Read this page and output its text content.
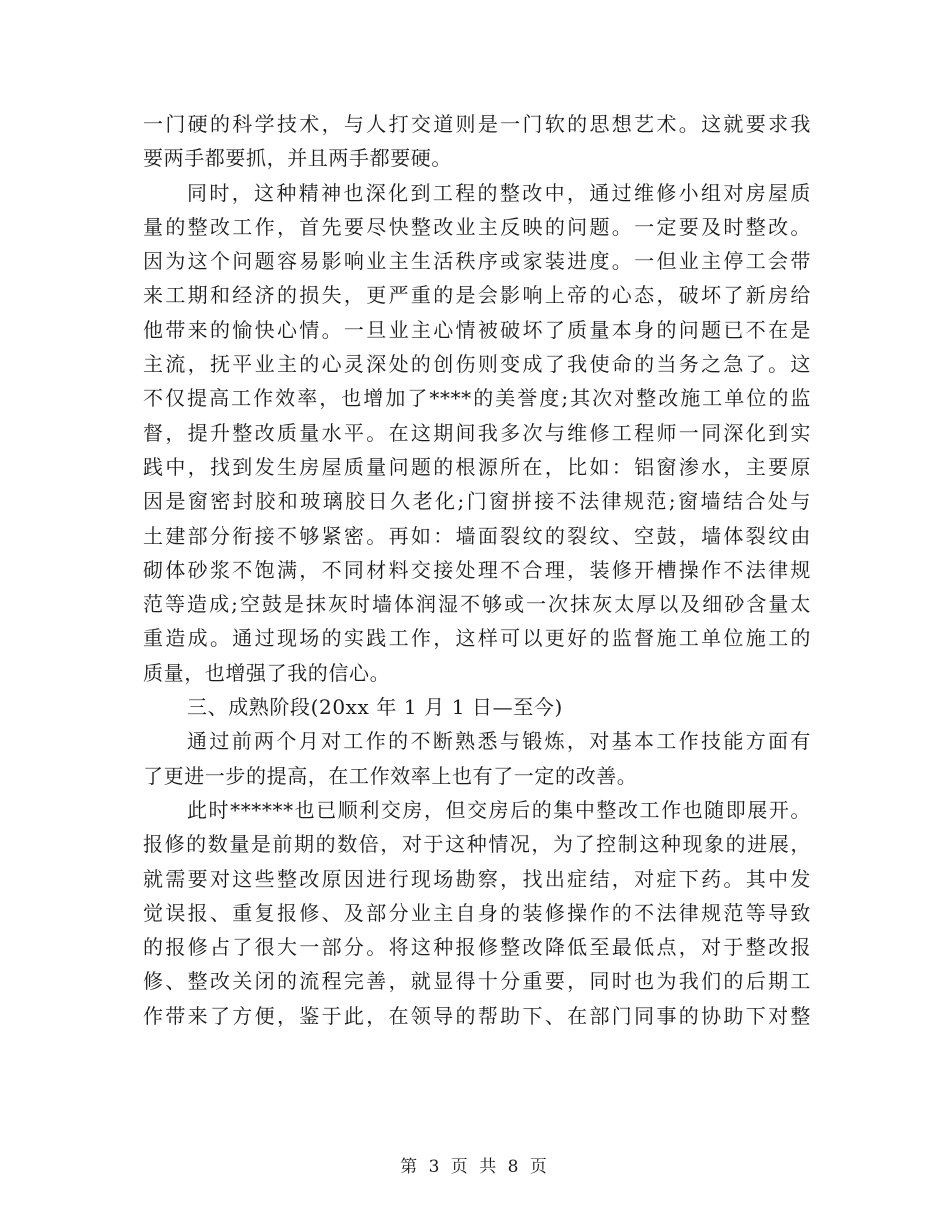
一门硬的科学技术，与人打交道则是一门软的思想艺术。这就要求我
要两手都要抓，并且两手都要硬。
同时，这种精神也深化到工程的整改中，通过维修小组对房屋质
量的整改工作，首先要尽快整改业主反映的问题。一定要及时整改。
因为这个问题容易影响业主生活秩序或家装进度。一但业主停工会带
来工期和经济的损失，更严重的是会影响上帝的心态，破坏了新房给
他带来的愉快心情。一旦业主心情被破坏了质量本身的问题已不在是
主流，抚平业主的心灵深处的创伤则变成了我使命的当务之急了。这
不仅提高工作效率，也增加了****的美誉度;其次对整改施工单位的监
督，提升整改质量水平。在这期间我多次与维修工程师一同深化到实
践中，找到发生房屋质量问题的根源所在，比如：铝窗渗水，主要原
因是窗密封胶和玻璃胶日久老化;门窗拼接不法律规范;窗墙结合处与
土建部分衔接不够紧密。再如：墙面裂纹的裂纹、空鼓，墙体裂纹由
砌体砂浆不饱满，不同材料交接处理不合理，装修开槽操作不法律规
范等造成;空鼓是抹灰时墙体润湿不够或一次抹灰太厚以及细砂含量太
重造成。通过现场的实践工作，这样可以更好的监督施工单位施工的
质量，也增强了我的信心。
三、成熟阶段(20xx 年 1 月 1 日—至今)
通过前两个月对工作的不断熟悉与锻炼，对基本工作技能方面有
了更进一步的提高，在工作效率上也有了一定的改善。
此时******也已顺利交房，但交房后的集中整改工作也随即展开。
报修的数量是前期的数倍，对于这种情况，为了控制这种现象的进展，
就需要对这些整改原因进行现场勘察，找出症结，对症下药。其中发
觉误报、重复报修、及部分业主自身的装修操作的不法律规范等导致
的报修占了很大一部分。将这种报修整改降低至最低点，对于整改报
修、整改关闭的流程完善，就显得十分重要，同时也为我们的后期工
作带来了方便，鉴于此，在领导的帮助下、在部门同事的协助下对整
第 3 页 共 8 页
